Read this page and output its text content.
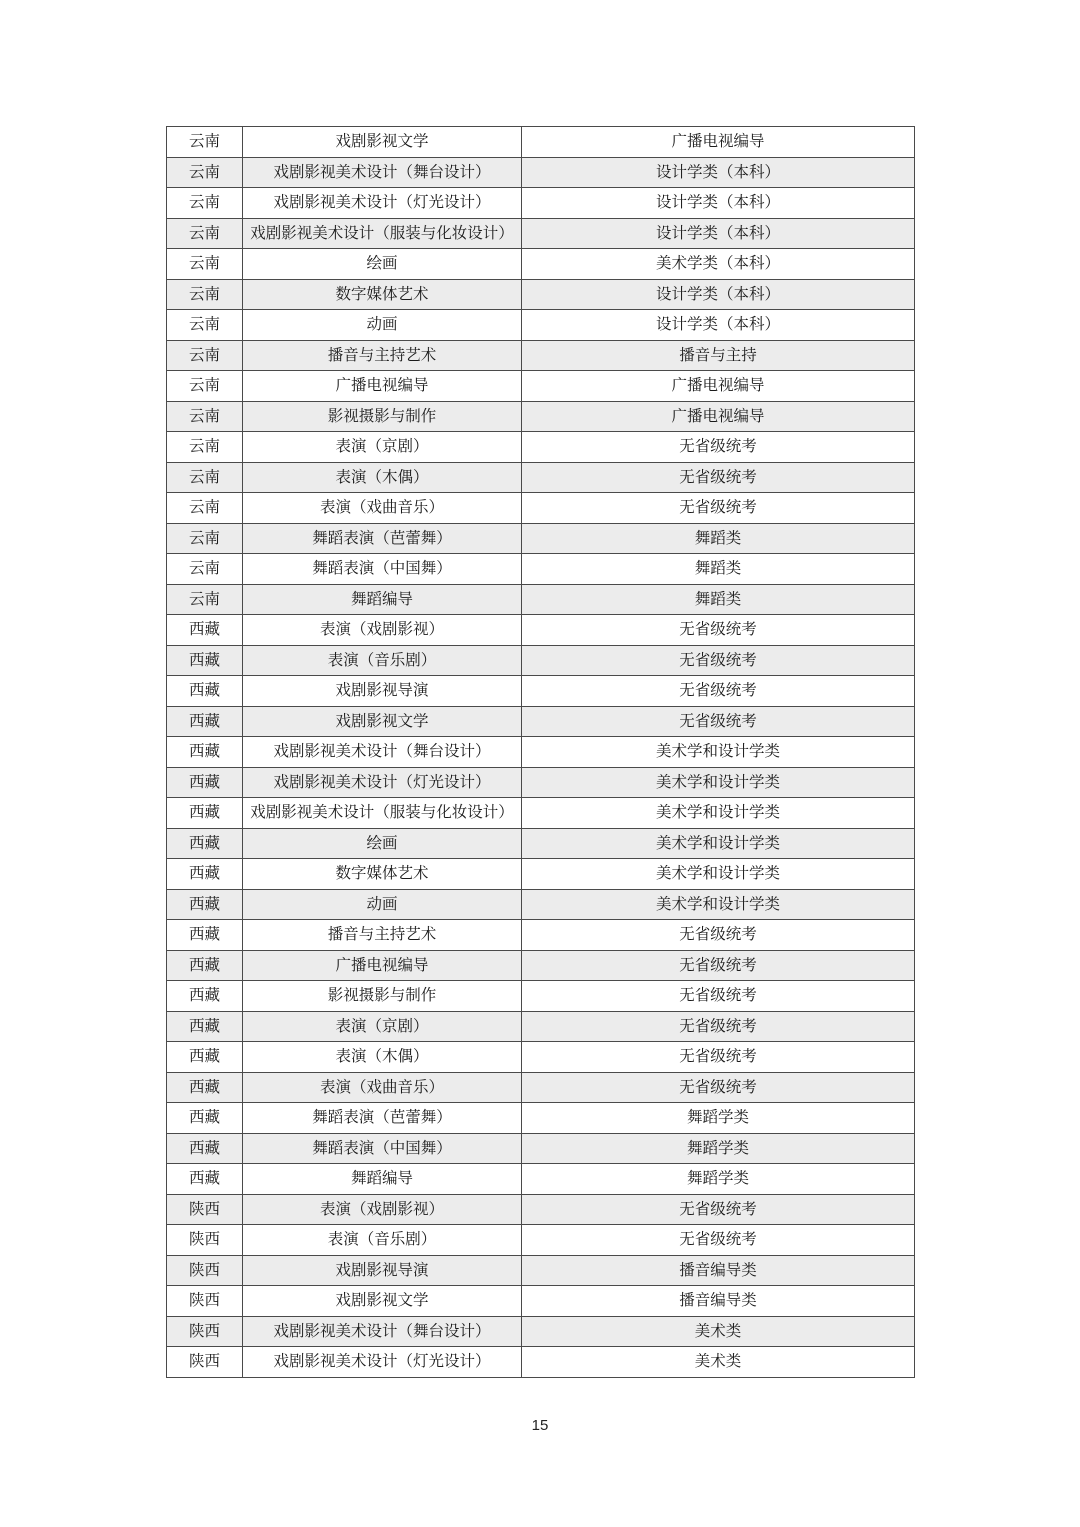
云南	戏剧影视文学	广播电视编导
云南	戏剧影视美术设计（舞台设计）	设计学类（本科）
云南	戏剧影视美术设计（灯光设计）	设计学类（本科）
云南	戏剧影视美术设计（服装与化妆设计）	设计学类（本科）
云南	绘画	美术学类（本科）
云南	数字媒体艺术	设计学类（本科）
云南	动画	设计学类（本科）
云南	播音与主持艺术	播音与主持
云南	广播电视编导	广播电视编导
云南	影视摄影与制作	广播电视编导
云南	表演（京剧）	无省级统考
云南	表演（木偶）	无省级统考
云南	表演（戏曲音乐）	无省级统考
云南	舞蹈表演（芭蕾舞）	舞蹈类
云南	舞蹈表演（中国舞）	舞蹈类
云南	舞蹈编导	舞蹈类
西藏	表演（戏剧影视）	无省级统考
西藏	表演（音乐剧）	无省级统考
西藏	戏剧影视导演	无省级统考
西藏	戏剧影视文学	无省级统考
西藏	戏剧影视美术设计（舞台设计）	美术学和设计学类
西藏	戏剧影视美术设计（灯光设计）	美术学和设计学类
西藏	戏剧影视美术设计（服装与化妆设计）	美术学和设计学类
西藏	绘画	美术学和设计学类
西藏	数字媒体艺术	美术学和设计学类
西藏	动画	美术学和设计学类
西藏	播音与主持艺术	无省级统考
西藏	广播电视编导	无省级统考
西藏	影视摄影与制作	无省级统考
西藏	表演（京剧）	无省级统考
西藏	表演（木偶）	无省级统考
西藏	表演（戏曲音乐）	无省级统考
西藏	舞蹈表演（芭蕾舞）	舞蹈学类
西藏	舞蹈表演（中国舞）	舞蹈学类
西藏	舞蹈编导	舞蹈学类
陕西	表演（戏剧影视）	无省级统考
陕西	表演（音乐剧）	无省级统考
陕西	戏剧影视导演	播音编导类
陕西	戏剧影视文学	播音编导类
陕西	戏剧影视美术设计（舞台设计）	美术类
陕西	戏剧影视美术设计（灯光设计）	美术类
15
